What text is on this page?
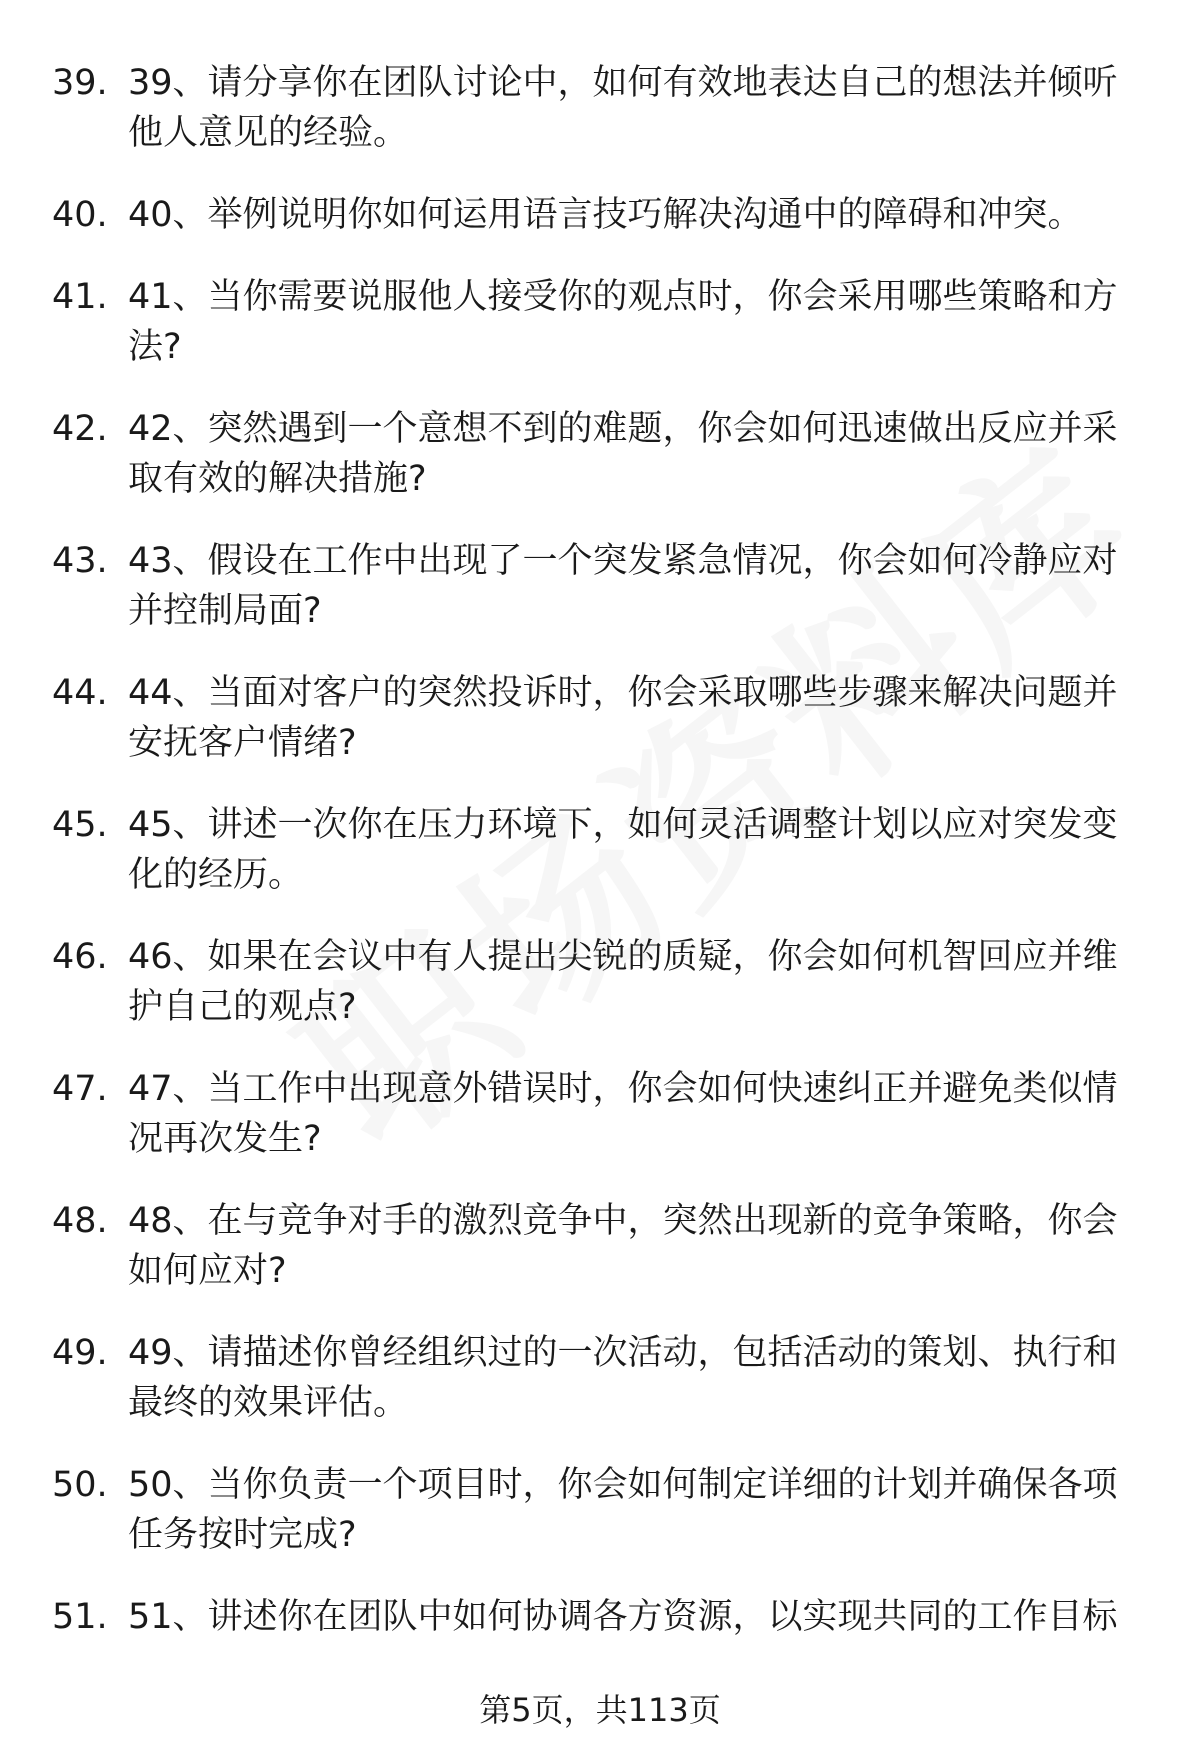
39. 39、请分享你在团队讨论中，如何有效地表达自己的想法并倾听他人意见的经验。
40. 40、举例说明你如何运用语言技巧解决沟通中的障碍和冲突。
41. 41、当你需要说服他人接受你的观点时，你会采用哪些策略和方法?
42. 42、突然遇到一个意想不到的难题，你会如何迅速做出反应并采取有效的解决措施?
43. 43、假设在工作中出现了一个突发紧急情况，你会如何冷静应对并控制局面?
44. 44、当面对客户的突然投诉时，你会采取哪些步骤来解决问题并安抚客户情绪?
45. 45、讲述一次你在压力环境下，如何灵活调整计划以应对突发变化的经历。
46. 46、如果在会议中有人提出尖锐的质疑，你会如何机智回应并维护自己的观点?
47. 47、当工作中出现意外错误时，你会如何快速纠正并避免类似情况再次发生?
48. 48、在与竞争对手的激烈竞争中，突然出现新的竞争策略，你会如何应对?
49. 49、请描述你曾经组织过的一次活动，包括活动的策划、执行和最终的效果评估。
50. 50、当你负责一个项目时，你会如何制定详细的计划并确保各项任务按时完成?
51. 51、讲述你在团队中如何协调各方资源，以实现共同的工作目标
第5页，共113页
